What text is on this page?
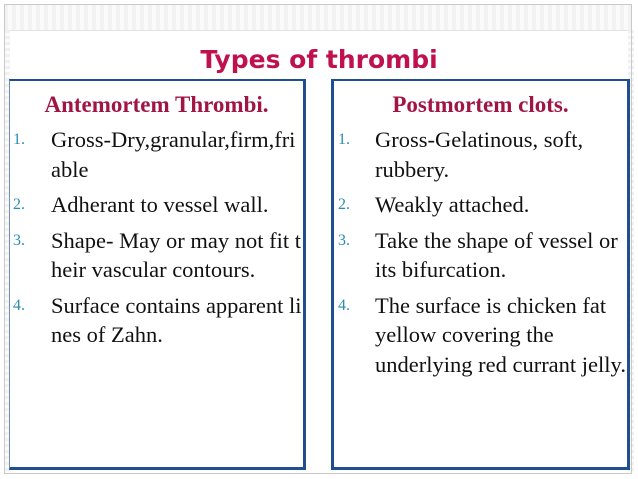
Types of thrombi
Antemortem Thrombi.
1.	Gross-Dry,granular,firm,friable
2.	Adherant to vessel wall.
3.	Shape- May or may not fit their vascular contours.
4.	Surface contains apparent lines of Zahn.
Postmortem clots.
1.	Gross-Gelatinous, soft, rubbery.
2.	Weakly attached.
3.	Take the shape of vessel or its bifurcation.
4.	The surface is chicken fat yellow covering the underlying red currant jelly.
